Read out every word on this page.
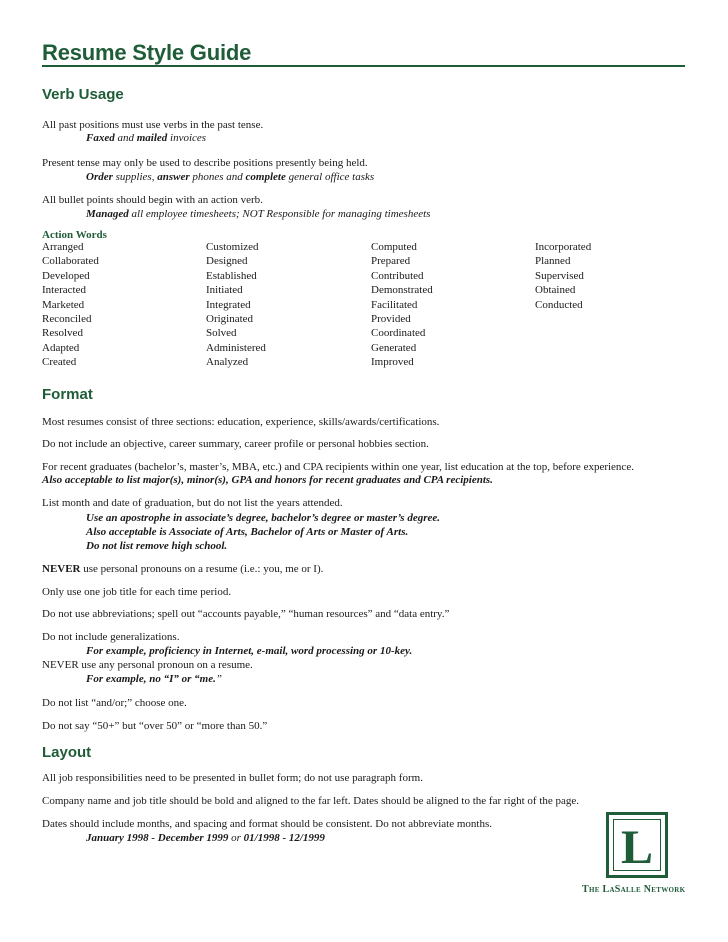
Resume Style Guide
Verb Usage
All past positions must use verbs in the past tense.
Faxed and mailed invoices
Present tense may only be used to describe positions presently being held.
Order supplies, answer phones and complete general office tasks
All bullet points should begin with an action verb.
Managed all employee timesheets; NOT Responsible for managing timesheets
Action Words
Arranged
Collaborated
Developed
Interacted
Marketed
Reconciled
Resolved
Adapted
Created
Customized
Designed
Established
Initiated
Integrated
Originated
Solved
Administered
Analyzed
Computed
Prepared
Contributed
Demonstrated
Facilitated
Provided
Coordinated
Generated
Improved
Incorporated
Planned
Supervised
Obtained
Conducted
Format
Most resumes consist of three sections: education, experience, skills/awards/certifications.
Do not include an objective, career summary, career profile or personal hobbies section.
For recent graduates (bachelor’s, master’s, MBA, etc.) and CPA recipients within one year, list education at the top, before experience.
Also acceptable to list major(s), minor(s), GPA and honors for recent graduates and CPA recipients.
List month and date of graduation, but do not list the years attended.
Use an apostrophe in associate’s degree, bachelor’s degree or master’s degree.
Also acceptable is Associate of Arts, Bachelor of Arts or Master of Arts.
Do not list remove high school.
NEVER use personal pronouns on a resume (i.e.: you, me or I).
Only use one job title for each time period.
Do not use abbreviations; spell out “accounts payable,” “human resources” and “data entry.”
Do not include generalizations.
For example, proficiency in Internet, e-mail, word processing or 10-key.
NEVER use any personal pronoun on a resume.
For example, no “I” or “me.”
Do not list “and/or;” choose one.
Do not say “50+” but “over 50” or “more than 50.”
Layout
All job responsibilities need to be presented in bullet form; do not use paragraph form.
Company name and job title should be bold and aligned to the far left. Dates should be aligned to the far right of the page.
Dates should include months, and spacing and format should be consistent. Do not abbreviate months.
January 1998 - December 1999 or 01/1998 - 12/1999	L
The LaSalle Network
